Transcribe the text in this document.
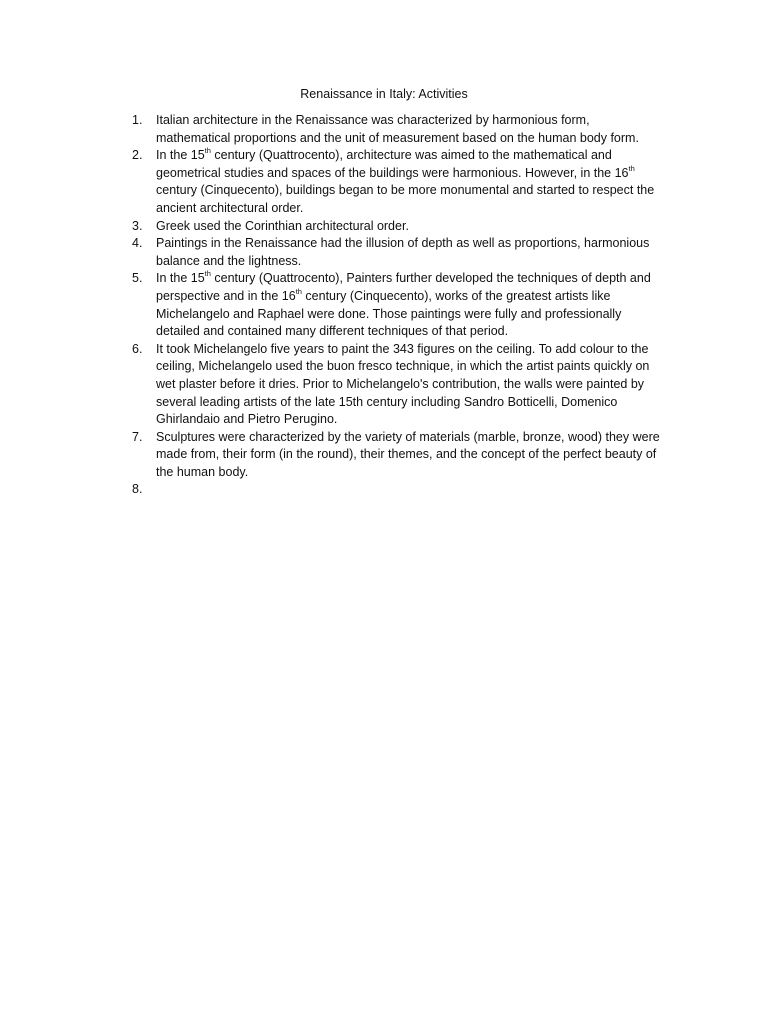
Renaissance in Italy: Activities
1.	Italian architecture in the Renaissance was characterized by harmonious form, mathematical proportions and the unit of measurement based on the human body form.
2.	In the 15th century (Quattrocento), architecture was aimed to the mathematical and geometrical studies and spaces of the buildings were harmonious. However, in the 16th century (Cinquecento), buildings began to be more monumental and started to respect the ancient architectural order.
3.	Greek used the Corinthian architectural order.
4.	Paintings in the Renaissance had the illusion of depth as well as proportions, harmonious balance and the lightness.
5.	In the 15th century (Quattrocento), Painters further developed the techniques of depth and perspective and in the 16th century (Cinquecento), works of the greatest artists like Michelangelo and Raphael were done. Those paintings were fully and professionally detailed and contained many different techniques of that period.
6.	It took Michelangelo five years to paint the 343 figures on the ceiling. To add colour to the ceiling, Michelangelo used the buon fresco technique, in which the artist paints quickly on wet plaster before it dries. Prior to Michelangelo's contribution, the walls were painted by several leading artists of the late 15th century including Sandro Botticelli, Domenico Ghirlandaio and Pietro Perugino.
7.	Sculptures were characterized by the variety of materials (marble, bronze, wood) they were made from, their form (in the round), their themes, and the concept of the perfect beauty of the human body.
8.
